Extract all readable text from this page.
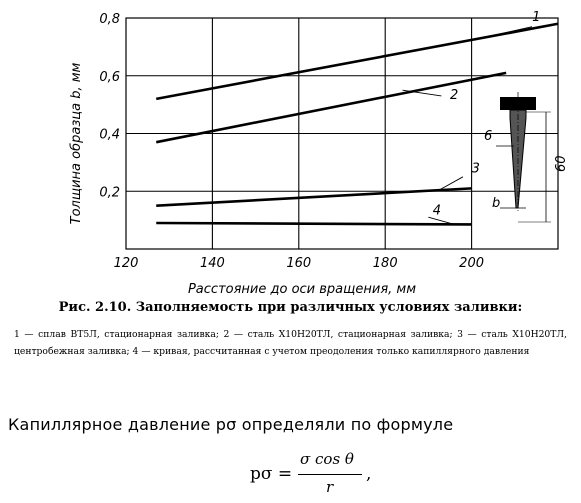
1
2
3
4
120	140	160	180	200
0,2
0,4
0,6
0,8
Расстояние до оси вращения, мм
Толщина образца b, мм	6
60
b
Рис. 2.10. Заполняемость при различных условиях заливки:
1 — сплав ВТ5Л, стационарная заливка; 2 — сталь Х10Н20ТЛ, стационарная заливка; 3 — сталь Х10Н20ТЛ, центробежная заливка; 4 — кривая, рассчитанная с учетом преодоления только капиллярного давления
Капиллярное давление pσ определяли по формуле
pσ =
σ cos θ
r
,
